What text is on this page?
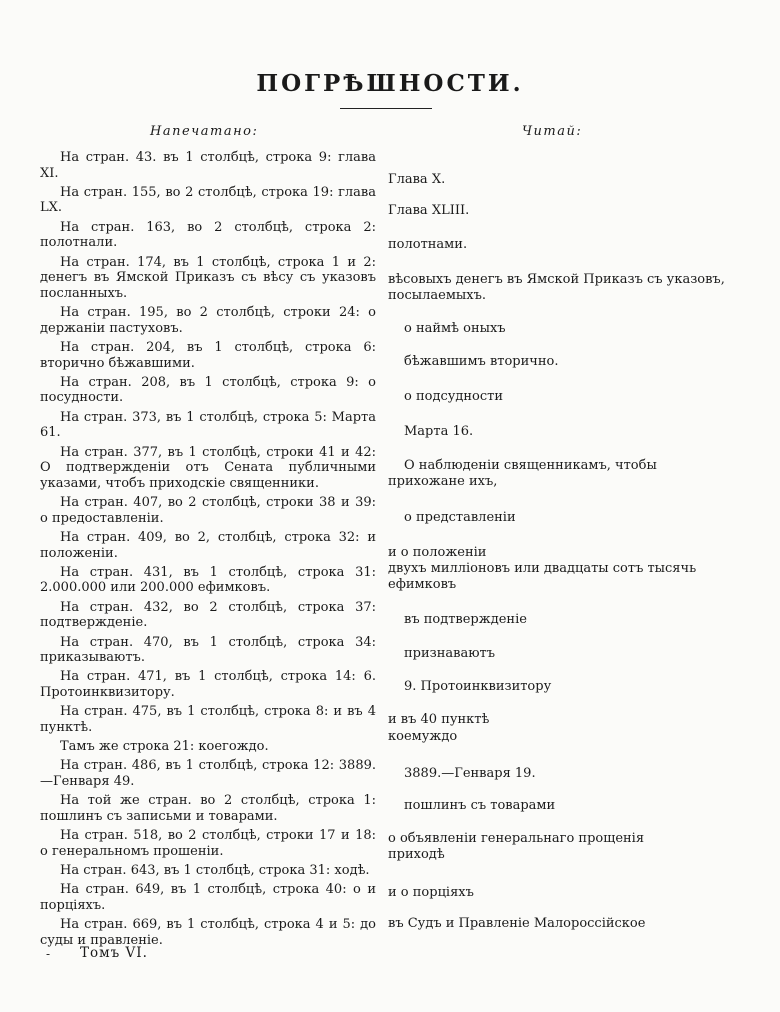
ПОГРѢШНОСТИ.
Напечатано:	Читай:

На стран. 43. въ 1 столбцѣ, строка 9: глава XI.

На стран. 155, во 2 столбцѣ, строка 19: глава LX.

На стран. 163, во 2 столбцѣ, строка 2: полотнали.

На стран. 174, въ 1 столбцѣ, строка 1 и 2: денегъ въ Ямской Приказъ съ вѣсу съ указовъ посланныхъ.

На стран. 195, во 2 столбцѣ, строки 24: о держаніи пастуховъ.

На стран. 204, въ 1 столбцѣ, строка 6: вторично бѣжавшими.

На стран. 208, въ 1 столбцѣ, строка 9: о посудности.

На стран. 373, въ 1 столбцѣ, строка 5: Марта 61.

На стран. 377, въ 1 столбцѣ, строки 41 и 42: О подтвержденіи отъ Сената публичными указами, чтобъ приходскіе священники.

На стран. 407, во 2 столбцѣ, строки 38 и 39: о предоставленіи.

На стран. 409, во 2, столбцѣ, строка 32: и положеніи.

На стран. 431, въ 1 столбцѣ, строка 31: 2.000.000 или 200.000 ефимковъ.

На стран. 432, во 2 столбцѣ, строка 37: подтвержденіе.

На стран. 470, въ 1 столбцѣ, строка 34: приказываютъ.

На стран. 471, въ 1 столбцѣ, строка 14: 6. Протоинквизитору.

На стран. 475, въ 1 столбцѣ, строка 8: и въ 4 пунктѣ.

Тамъ же строка 21: коегождо.

На стран. 486, въ 1 столбцѣ, строка 12: 3889. —Генваря 49.

На той же стран. во 2 столбцѣ, строка 1: пошлинъ съ записьми и товарами.

На стран. 518, во 2 столбцѣ, строки 17 и 18: о генеральномъ прошеніи.

На стран. 643, въ 1 столбцѣ, строка 31: ходѣ.

На стран. 649, въ 1 столбцѣ, строка 40: о и порціяхъ.

На стран. 669, въ 1 столбцѣ, строка 4 и 5: до суды и правленіе.

Глава X.

Глава XLIII.

полотнами.

вѣсовыхъ денегъ въ Ямской Приказъ съ указовъ, посылаемыхъ.

о наймѣ оныхъ

бѣжавшимъ вторично.

о подсудности

Марта 16.

О наблюденіи священникамъ, чтобы прихожане ихъ,

о представленіи

и о положеніи

двухъ милліоновъ или двадцаты сотъ тысячь ефимковъ

въ подтвержденіе

признаваютъ

9. Протоинквизитору

и въ 40 пунктѣ

коемуждо

3889.—Генваря 19.

пошлинъ съ товарами

о объявленіи генеральнаго прощенія

приходѣ

и о порціяхъ

въ Судъ и Правленіе Малороссійское

- Томъ VI.
